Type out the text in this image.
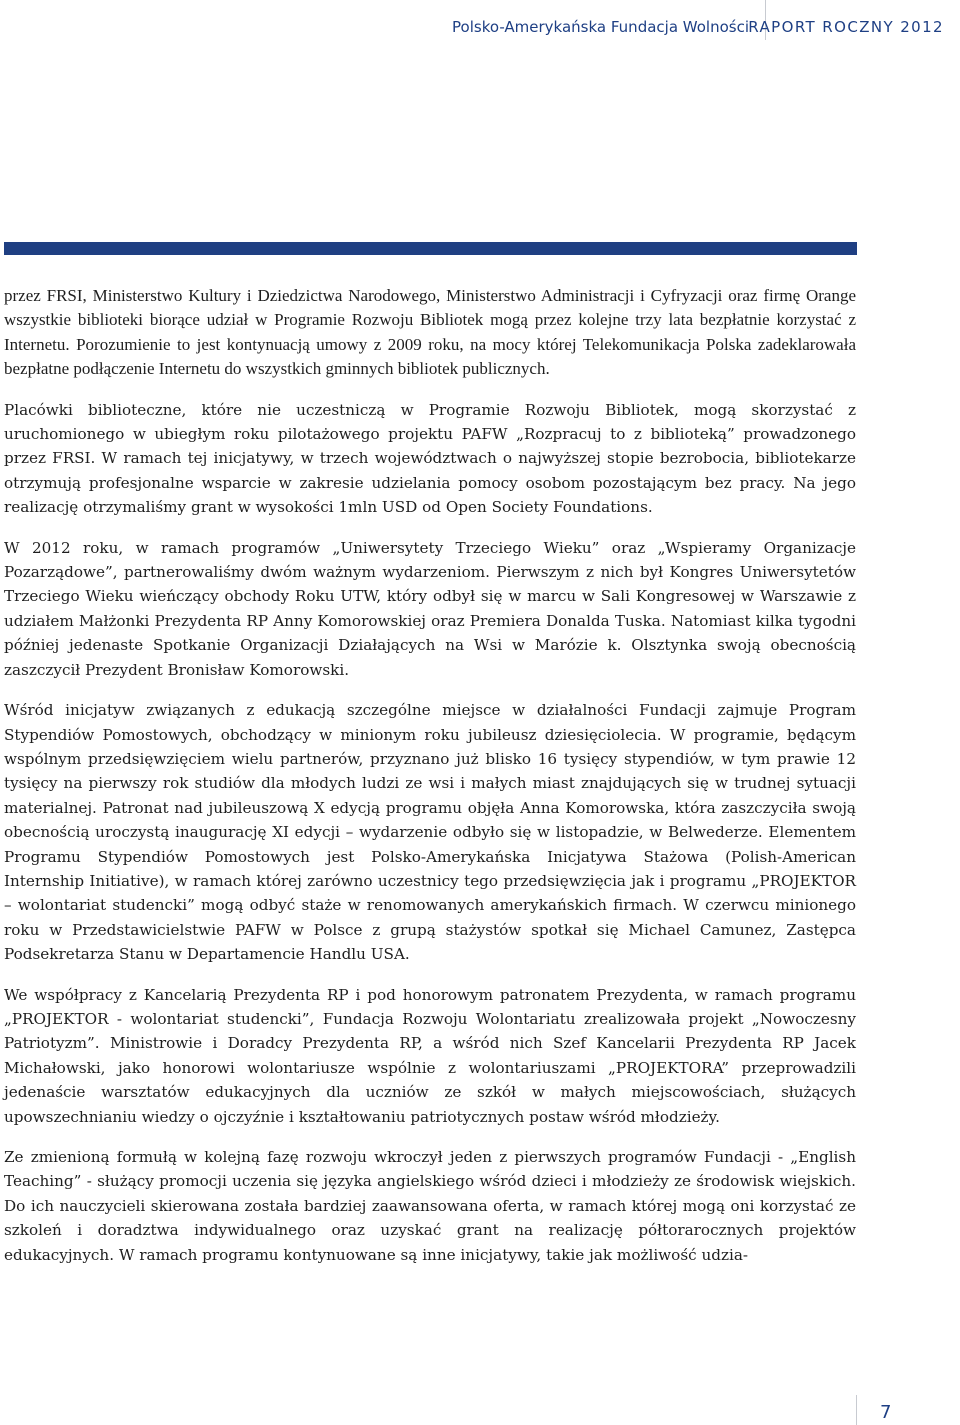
Polsko-Amerykańska Fundacja Wolności RAPORT ROCZNY 2012

przez FRSI, Ministerstwo Kultury i Dziedzictwa Narodowego, Ministerstwo Administracji i Cyfryzacji oraz firmę Orange wszystkie biblioteki biorące udział w Programie Rozwoju Bibliotek mogą przez kolejne trzy lata bezpłatnie korzystać z Internetu. Porozumienie to jest kontynuacją umowy z 2009 roku, na mocy której Telekomunikacja Polska zadeklarowała bezpłatne podłączenie Internetu do wszystkich gminnych bibliotek publicznych.

Placówki biblioteczne, które nie uczestniczą w Programie Rozwoju Bibliotek, mogą skorzystać z uruchomionego w ubiegłym roku pilotażowego projektu PAFW „Rozpracuj to z biblioteką” prowadzonego przez FRSI. W ramach tej inicjatywy, w trzech województwach o najwyższej stopie bezrobocia, bibliotekarze otrzymują profesjonalne wsparcie w zakresie udzielania pomocy osobom pozostającym bez pracy. Na jego realizację otrzymaliśmy grant w wysokości 1mln USD od Open Society Foundations.

W 2012 roku, w ramach programów „Uniwersytety Trzeciego Wieku” oraz „Wspieramy Organizacje Pozarządowe”, partnerowaliśmy dwóm ważnym wydarzeniom. Pierwszym z nich był Kongres Uniwersytetów Trzeciego Wieku wieńczący obchody Roku UTW, który odbył się w marcu w Sali Kongresowej w Warszawie z udziałem Małżonki Prezydenta RP Anny Komorowskiej oraz Premiera Donalda Tuska. Natomiast kilka tygodni później jedenaste Spotkanie Organizacji Działających na Wsi w Marózie k. Olsztynka swoją obecnością zaszczycił Prezydent Bronisław Komorowski.

Wśród inicjatyw związanych z edukacją szczególne miejsce w działalności Fundacji zajmuje Program Stypendiów Pomostowych, obchodzący w minionym roku jubileusz dziesięciolecia. W programie, będącym wspólnym przedsięwzięciem wielu partnerów, przyznano już blisko 16 tysięcy stypendiów, w tym prawie 12 tysięcy na pierwszy rok studiów dla młodych ludzi ze wsi i małych miast znajdujących się w trudnej sytuacji materialnej. Patronat nad jubileuszową X edycją programu objęła Anna Komorowska, która zaszczyciła swoją obecnością uroczystą inaugurację XI edycji – wydarzenie odbyło się w listopadzie, w Belwederze. Elementem Programu Stypendiów Pomostowych jest Polsko-Amerykańska Inicjatywa Stażowa (Polish-American Internship Initiative), w ramach której zarówno uczestnicy tego przedsięwzięcia jak i programu „PROJEKTOR – wolontariat studencki” mogą odbyć staże w renomowanych amerykańskich firmach. W czerwcu minionego roku w Przedstawicielstwie PAFW w Polsce z grupą stażystów spotkał się Michael Camunez, Zastępca Podsekretarza Stanu w Departamencie Handlu USA.

We współpracy z Kancelarią Prezydenta RP i pod honorowym patronatem Prezydenta, w ramach programu „PROJEKTOR - wolontariat studencki”, Fundacja Rozwoju Wolontariatu zrealizowała projekt „Nowoczesny Patriotyzm”. Ministrowie i Doradcy Prezydenta RP, a wśród nich Szef Kancelarii Prezydenta RP Jacek Michałowski, jako honorowi wolontariusze wspólnie z wolontariuszami „PROJEKTORA” przeprowadzili jedenaście warsztatów edukacyjnych dla uczniów ze szkół w małych miejscowościach, służących upowszechnianiu wiedzy o ojczyźnie i kształtowaniu patriotycznych postaw wśród młodzieży.

Ze zmienioną formułą w kolejną fazę rozwoju wkroczył jeden z pierwszych programów Fundacji - „English Teaching” - służący promocji uczenia się języka angielskiego wśród dzieci i młodzieży ze środowisk wiejskich. Do ich nauczycieli skierowana została bardziej zaawansowana oferta, w ramach której mogą oni korzystać ze szkoleń i doradztwa indywidualnego oraz uzyskać grant na realizację półtorarocznych projektów edukacyjnych. W ramach programu kontynuowane są inne inicjatywy, takie jak możliwość udzia-

7
